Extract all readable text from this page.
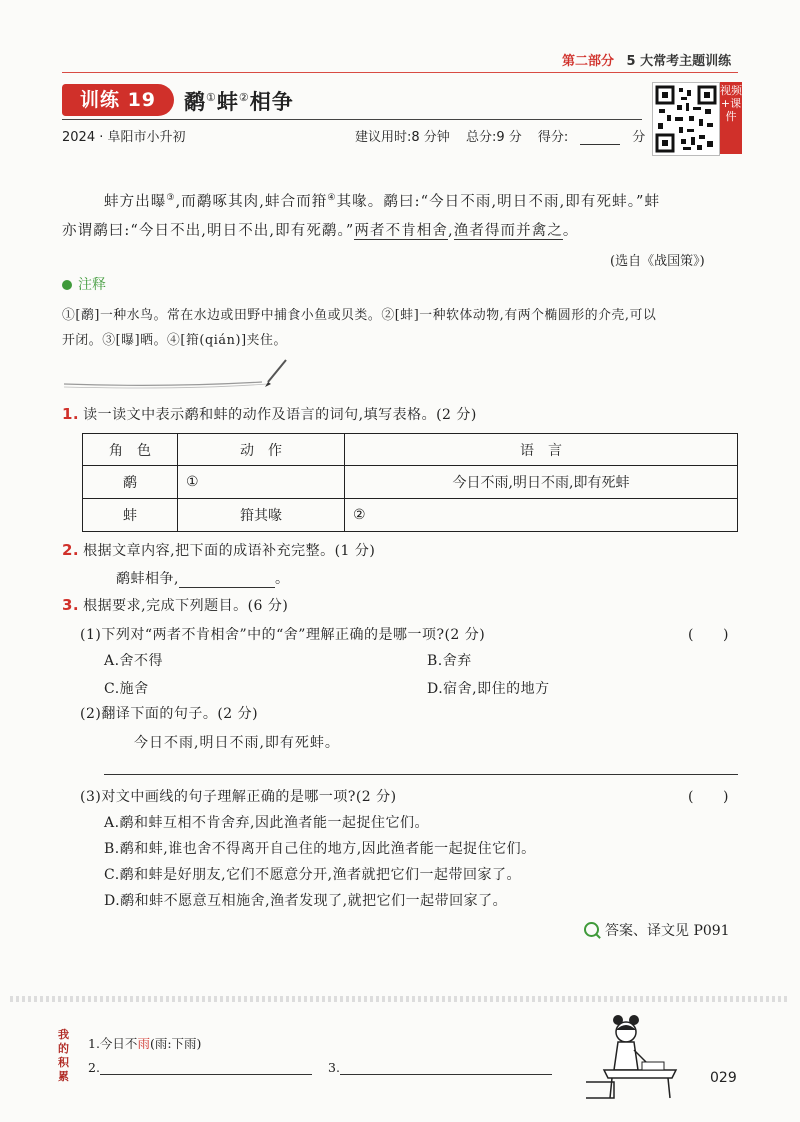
第二部分 5 大常考主题训练
训练 19	鹬①蚌②相争
2024 · 阜阳市小升初	建议用时:8 分钟 总分:9 分 得分:	分
视频+课件
蚌方出曝③,而鹬啄其肉,蚌合而箝④其喙。鹬曰:“今日不雨,明日不雨,即有死蚌。”蚌
亦谓鹬曰:“今日不出,明日不出,即有死鹬。”两者不肯相舍,渔者得而并禽之。
(选自《战国策》)
注释
①[鹬]一种水鸟。常在水边或田野中捕食小鱼或贝类。②[蚌]一种软体动物,有两个椭圆形的介壳,可以
开闭。③[曝]晒。④[箝(qián)]夹住。
1. 读一读文中表示鹬和蚌的动作及语言的词句,填写表格。(2 分)
角　色	动　作	语　言
鹬	①	今日不雨,明日不雨,即有死蚌
蚌	箝其喙	②
2. 根据文章内容,把下面的成语补充完整。(1 分)
鹬蚌相争,	。
3. 根据要求,完成下列题目。(6 分)
(1)下列对“两者不肯相舍”中的“舍”理解正确的是哪一项?(2 分)	(　　)
A.舍不得	B.舍弃
C.施舍	D.宿舍,即住的地方
(2)翻译下面的句子。(2 分)
今日不雨,明日不雨,即有死蚌。
(3)对文中画线的句子理解正确的是哪一项?(2 分)	(　　)
A.鹬和蚌互相不肯舍弃,因此渔者能一起捉住它们。
B.鹬和蚌,谁也舍不得离开自己住的地方,因此渔者能一起捉住它们。
C.鹬和蚌是好朋友,它们不愿意分开,渔者就把它们一起带回家了。
D.鹬和蚌不愿意互相施舍,渔者发现了,就把它们一起带回家了。
答案、译文见 P091
我的积累
1.今日不雨(雨:下雨)
2.	3.
029
